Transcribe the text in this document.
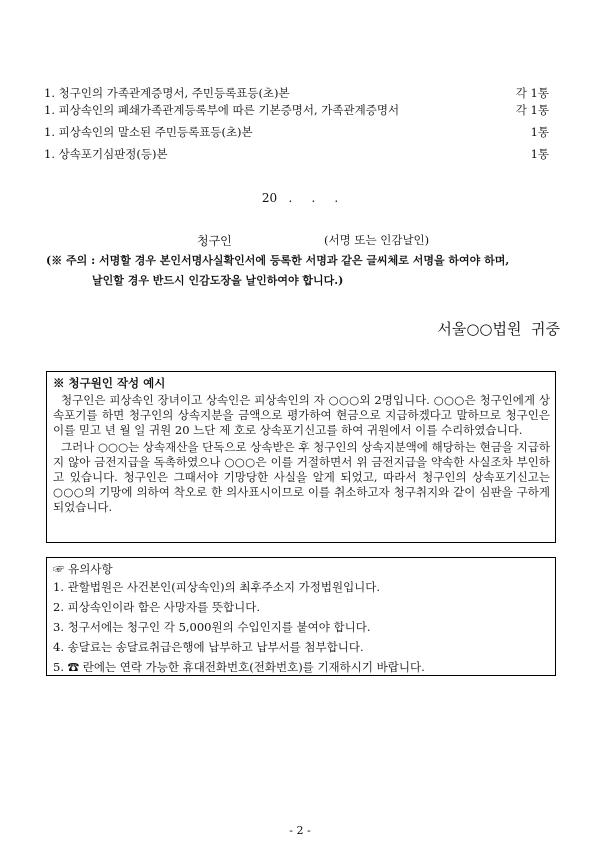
1. 청구인의 가족관계증명서, 주민등록표등(초)본	각 1통
1. 피상속인의 폐쇄가족관계등록부에 따른 기본증명서, 가족관계증명서	각 1통
1. 피상속인의 말소된 주민등록표등(초)본	1통
1. 상속포기심판정(등)본	1통
20   .     .     .
청구인	(서명 또는 인감날인)
(※ 주의 : 서명할 경우 본인서명사실확인서에 등록한 서명과 같은 글씨체로 서명을 하여야 하며,
날인할 경우 반드시 인감도장을 날인하여야 합니다.)
서울○○법원  귀중
※ 청구원인 작성 예시
청구인은 피상속인 장녀이고 상속인은 피상속인의 자 ○○○외 2명입니다. ○○○은 청구인에게 상속포기를 하면 청구인의 상속지분을 금액으로 평가하여 현금으로 지급하겠다고 말하므로 청구인은 이를 믿고 년 월 일 귀원 20 느단 제 호로 상속포기신고를 하여 귀원에서 이를 수리하였습니다.
그러나 ○○○는 상속재산을 단독으로 상속받은 후 청구인의 상속지분액에 해당하는 현금을 지급하지 않아 금전지급을 독촉하였으나 ○○○은 이를 거절하면서 위 금전지급을 약속한 사실조차 부인하고 있습니다. 청구인은 그때서야 기망당한 사실을 알게 되었고, 따라서 청구인의 상속포기신고는 ○○○의 기망에 의하여 착오로 한 의사표시이므로 이를 취소하고자 청구취지와 같이 심판을 구하게 되었습니다.
☞ 유의사항
1. 관할법원은 사건본인(피상속인)의 최후주소지 가정법원입니다.
2. 피상속인이라 함은 사망자를 뜻합니다.
3. 청구서에는 청구인 각 5,000원의 수입인지를 붙여야 합니다.
4. 송달료는 송달료취급은행에 납부하고 납부서를 첨부합니다.
5. ☎ 란에는 연락 가능한 휴대전화번호(전화번호)를 기재하시기 바랍니다.
- 2 -
